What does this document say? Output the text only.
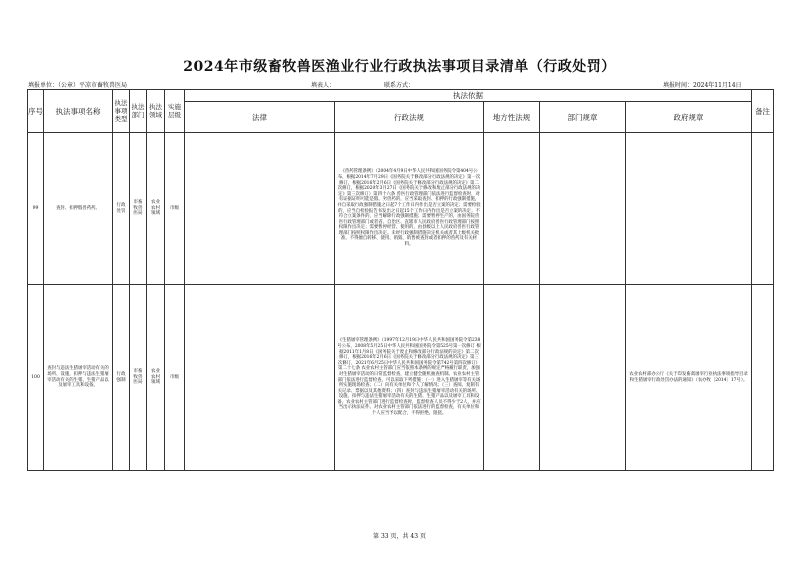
2024年市级畜牧兽医渔业行业行政执法事项目录清单（行政处罚）
填报单位：（公章）平凉市畜牧兽医局	填表人：	联系方式：	填报时间：2024年11月14日
序号	执法事项名称	执法事项类型	执法部门	执法领域	实施层级	执法依据					备注
						法律	行政法规	地方性法规	部门规章	政府规章	
99	查封、扣押假兽药药。	行政处罚	市畜牧兽医局	农业农村领域	市级		《兽药管理条例》（2004年4月9日中华人民共和国国务院令第404号公布，根据2014年7月29日《国务院关于修改部分行政法规的决定》第一次修订，根据2016年2月6日《国务院关于修改部分行政法规的决定》第二次修订，根据2020年3月27日《国务院关于修改和废止部分行政法规的决定》第三次修订）第四十六条 兽医行政管理部门依法进行监督检查时，对有证据证明可能是假、劣兽药的，应当采取查封、扣押的行政强制措施，并自采取行政强制措施之日起7个工作日内作出是否立案的决定；需要检验的，应当自检验报告书发出之日起15个工作日内作出是否立案的决定；不符合立案条件的，应当解除行政强制措施；需要暂停生产的，由国务院兽医行政管理部门或者省、自治区、直辖市人民政府兽医行政管理部门按照权限作出决定；需要暂停经营、使用的，由县级以上人民政府兽医行政管理部门按照权限作出决定。未经行政强制措施决定机关或者其上级机关批准，不得擅自转移、使用、销毁、销售被查封或者扣押的兽药及有关材料。				
100	查封与违法生猪屠宰活动有关的场所、设施，扣押与违法生猪屠宰活动有关的生猪、生猪产品以及屠宰工具和设备。	行政强制	市畜牧兽医局	农业农村领域	市级		《生猪屠宰管理条例》（1997年12月19日中华人民共和国国务院令第238号公布，2008年5月25日中华人民共和国国务院令第525号第一次修订 根据2011年1月8日《国务院关于废止和修改部分行政法规的决定》第二次修订，根据2016年2月6日《国务院关于修改部分行政法规的决定》第三次修订，2021年6月25日中华人民共和国国务院令第742号第四次修订）第二十七条 农业农村主管部门应当依照本条例的规定严格履行职责，加强对生猪屠宰活动的日常监督检查，建立健全随机抽查机制。农业农村主管部门依法进行监督检查，可以采取下列措施：（一）进入生猪屠宰等有关场所实施现场检查；（二）向有关单位和个人了解情况；（三）查阅、复制有关记录、票据以及其他资料；（四）查封与违法生猪屠宰活动有关的场所、设施，扣押与违法生猪屠宰活动有关的生猪、生猪产品以及屠宰工具和设备。农业农村主管部门进行监督检查时，监督检查人员不得少于2人，并应当出示执法证件。对农业农村主管部门依法进行的监督检查，有关单位和个人应当予以配合，不得拒绝、阻挠。			农业农村部办公厅《关于印发畜禽屠宰行业执法事项指导目录和生猪屠宰行政处罚办法的通知》（农办牧〔2014〕17号）。	
第 33 页，共 43 页
